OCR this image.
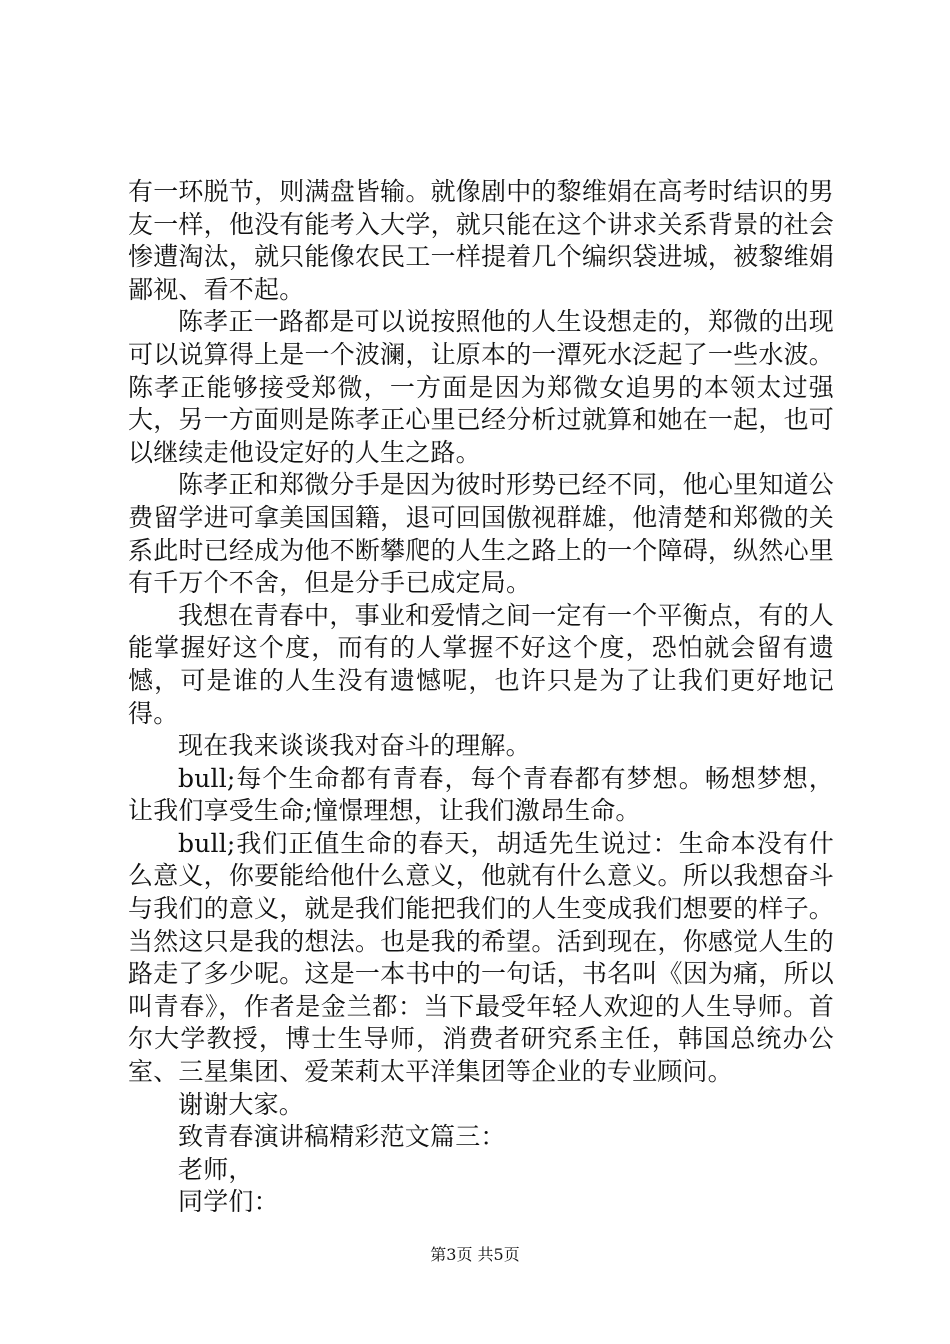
有一环脱节，则满盘皆输。就像剧中的黎维娟在高考时结识的男友一样，他没有能考入大学，就只能在这个讲求关系背景的社会惨遭淘汰，就只能像农民工一样提着几个编织袋进城，被黎维娟鄙视、看不起。

陈孝正一路都是可以说按照他的人生设想走的，郑微的出现可以说算得上是一个波澜，让原本的一潭死水泛起了一些水波。陈孝正能够接受郑微，一方面是因为郑微女追男的本领太过强大，另一方面则是陈孝正心里已经分析过就算和她在一起，也可以继续走他设定好的人生之路。

陈孝正和郑微分手是因为彼时形势已经不同，他心里知道公费留学进可拿美国国籍，退可回国傲视群雄，他清楚和郑微的关系此时已经成为他不断攀爬的人生之路上的一个障碍，纵然心里有千万个不舍，但是分手已成定局。

我想在青春中，事业和爱情之间一定有一个平衡点，有的人能掌握好这个度，而有的人掌握不好这个度，恐怕就会留有遗憾，可是谁的人生没有遗憾呢，也许只是为了让我们更好地记得。

现在我来谈谈我对奋斗的理解。

bull;每个生命都有青春，每个青春都有梦想。畅想梦想，让我们享受生命;憧憬理想，让我们激昂生命。

bull;我们正值生命的春天，胡适先生说过：生命本没有什么意义，你要能给他什么意义，他就有什么意义。所以我想奋斗与我们的意义，就是我们能把我们的人生变成我们想要的样子。当然这只是我的想法。也是我的希望。活到现在，你感觉人生的路走了多少呢。这是一本书中的一句话，书名叫《因为痛，所以叫青春》，作者是金兰都：当下最受年轻人欢迎的人生导师。首尔大学教授，博士生导师，消费者研究系主任，韩国总统办公室、三星集团、爱茉莉太平洋集团等企业的专业顾问。

谢谢大家。

致青春演讲稿精彩范文篇三：

老师，

同学们：

第3页 共5页
